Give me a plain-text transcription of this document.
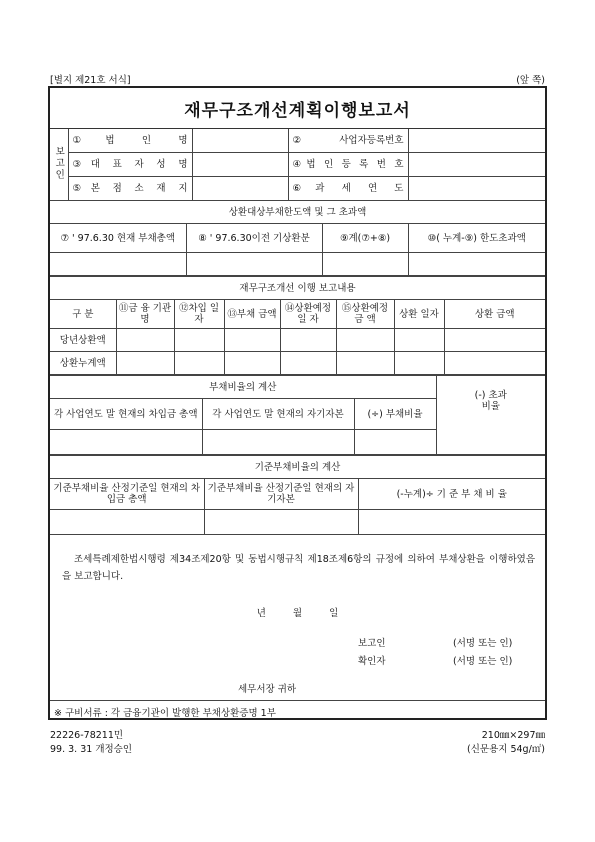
[별지 제21호 서식]	(앞 쪽)
재무구조개선계획이행보고서
보고인	①법 인 명		②사업자등록번호	
	③대 표 자 성 명		④법 인 등 록 번 호	
	⑤본 점 소 재 지		⑥과 세 연 도	
상환대상부채한도액 및 그 초과액			
⑦ ' 97.6.30 현재 부채총액	⑧ ' 97.6.30이전 기상환분	⑨계(⑦+⑧)	⑩( 누계-⑨) 한도초과액

재무구조개선 이행 보고내용							
구 분	⑪금 융 기관명	⑫차입 일자	⑬부채 금액	⑭상환예정 일 자	⑮상환예정 금 액	상환 일자	상환 금액
당년상환액							
상환누계액							
부채비율의 계산			(-) 초과비율
각 사업연도 말 현재의 차입금 총액	각 사업연도 말 현재의 자기자본	(÷) 부채비율	

기준부채비율의 계산		
기준부채비율 산정기준일 현재의 차입금 총액	기준부채비율 산정기준일 현재의 자기자본	(-누계)÷ 기 준 부 채 비 율

조세특례제한법시행령 제34조제20항 및 동법시행규칙 제18조제6항의 규정에 의하여 부채상환을 이행하였음을 보고합니다.
년 월 일
보고인	(서명 또는 인)
확인자	(서명 또는 인)
세무서장 귀하
※ 구비서류 : 각 금융기관이 발행한 부채상환증명 1부
22226-78211민	210㎜×297㎜
99. 3. 31 개정승인	(신문용지 54g/㎡)
